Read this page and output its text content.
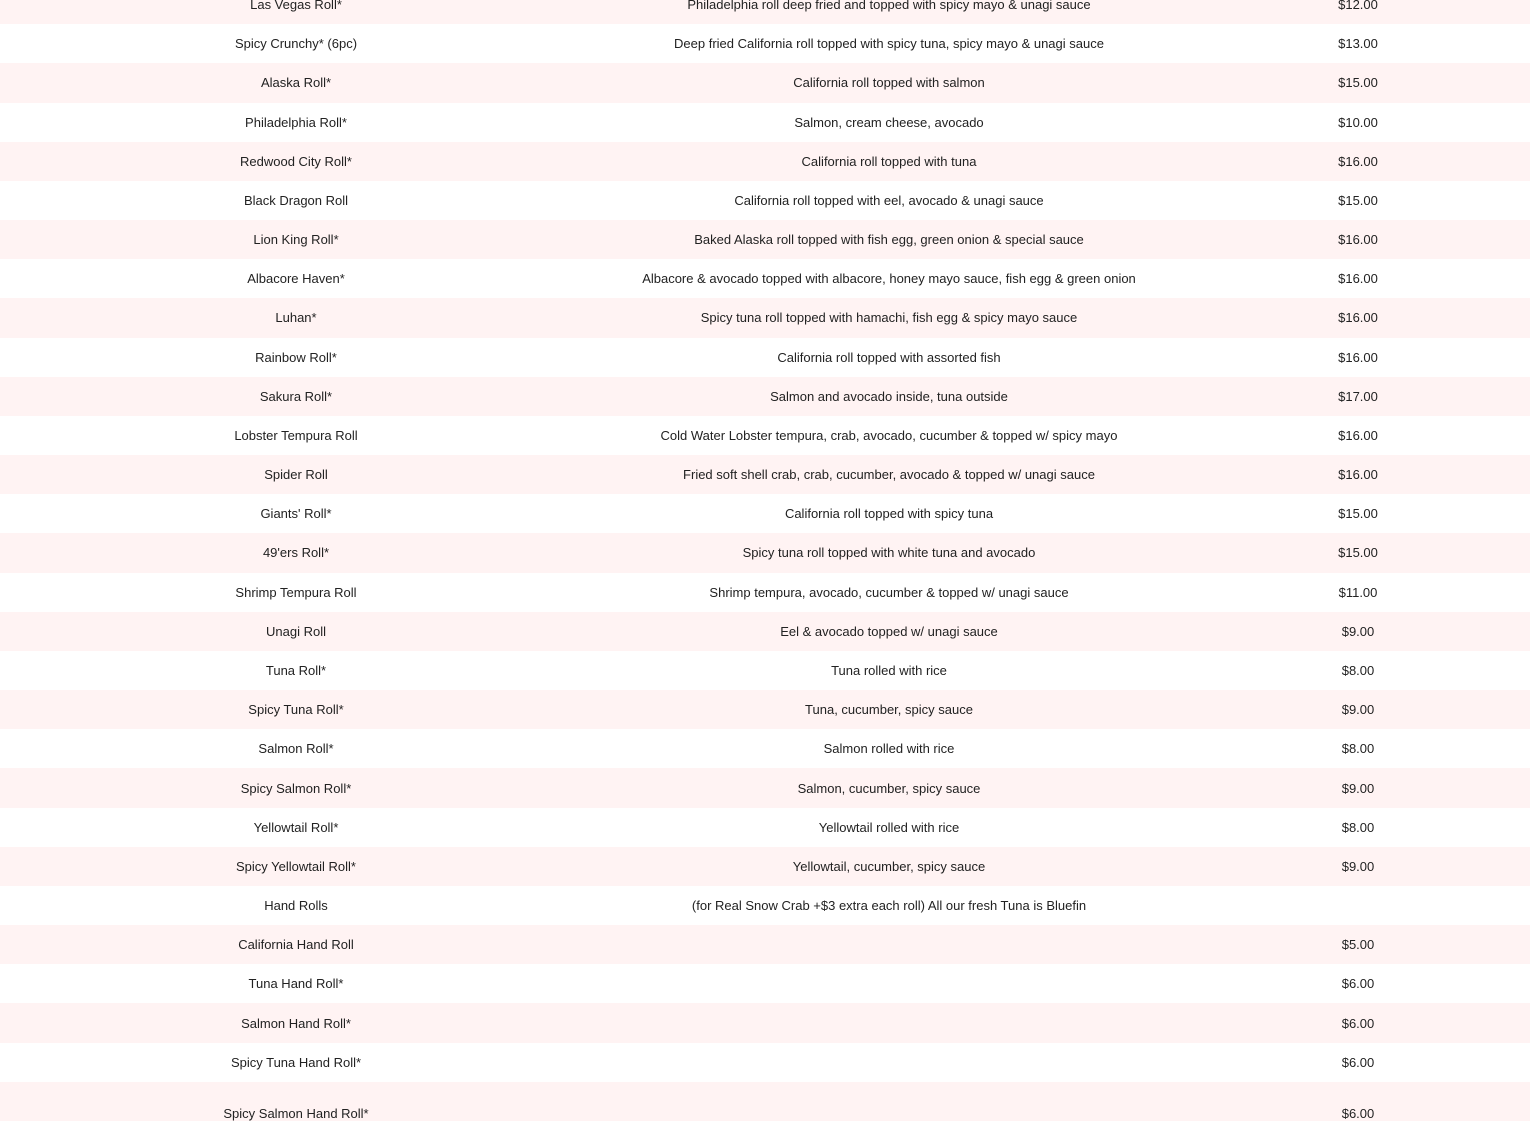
Las Vegas Roll*	Philadelphia roll deep fried and topped with spicy mayo & unagi sauce	$12.00
Spicy Crunchy* (6pc)	Deep fried California roll topped with spicy tuna, spicy mayo & unagi sauce	$13.00
Alaska Roll*	California roll topped with salmon	$15.00
Philadelphia Roll*	Salmon, cream cheese, avocado	$10.00
Redwood City Roll*	California roll topped with tuna	$16.00
Black Dragon Roll	California roll topped with eel, avocado & unagi sauce	$15.00
Lion King Roll*	Baked Alaska roll topped with fish egg, green onion & special sauce	$16.00
Albacore Haven*	Albacore & avocado topped with albacore, honey mayo sauce, fish egg & green onion	$16.00
Luhan*	Spicy tuna roll topped with hamachi, fish egg & spicy mayo sauce	$16.00
Rainbow Roll*	California roll topped with assorted fish	$16.00
Sakura Roll*	Salmon and avocado inside, tuna outside	$17.00
Lobster Tempura Roll	Cold Water Lobster tempura, crab, avocado, cucumber & topped w/ spicy mayo	$16.00
Spider Roll	Fried soft shell crab, crab, cucumber, avocado & topped w/ unagi sauce	$16.00
Giants' Roll*	California roll topped with spicy tuna	$15.00
49'ers Roll*	Spicy tuna roll topped with white tuna and avocado	$15.00
Shrimp Tempura Roll	Shrimp tempura, avocado, cucumber & topped w/ unagi sauce	$11.00
Unagi Roll	Eel & avocado topped w/ unagi sauce	$9.00
Tuna Roll*	Tuna rolled with rice	$8.00
Spicy Tuna Roll*	Tuna, cucumber, spicy sauce	$9.00
Salmon Roll*	Salmon rolled with rice	$8.00
Spicy Salmon Roll*	Salmon, cucumber, spicy sauce	$9.00
Yellowtail Roll*	Yellowtail rolled with rice	$8.00
Spicy Yellowtail Roll*	Yellowtail, cucumber, spicy sauce	$9.00
Hand Rolls	(for Real Snow Crab +$3 extra each roll) All our fresh Tuna is Bluefin
California Hand Roll	$5.00
Tuna Hand Roll*	$6.00
Salmon Hand Roll*	$6.00
Spicy Tuna Hand Roll*	$6.00
Spicy Salmon Hand Roll*	$6.00
